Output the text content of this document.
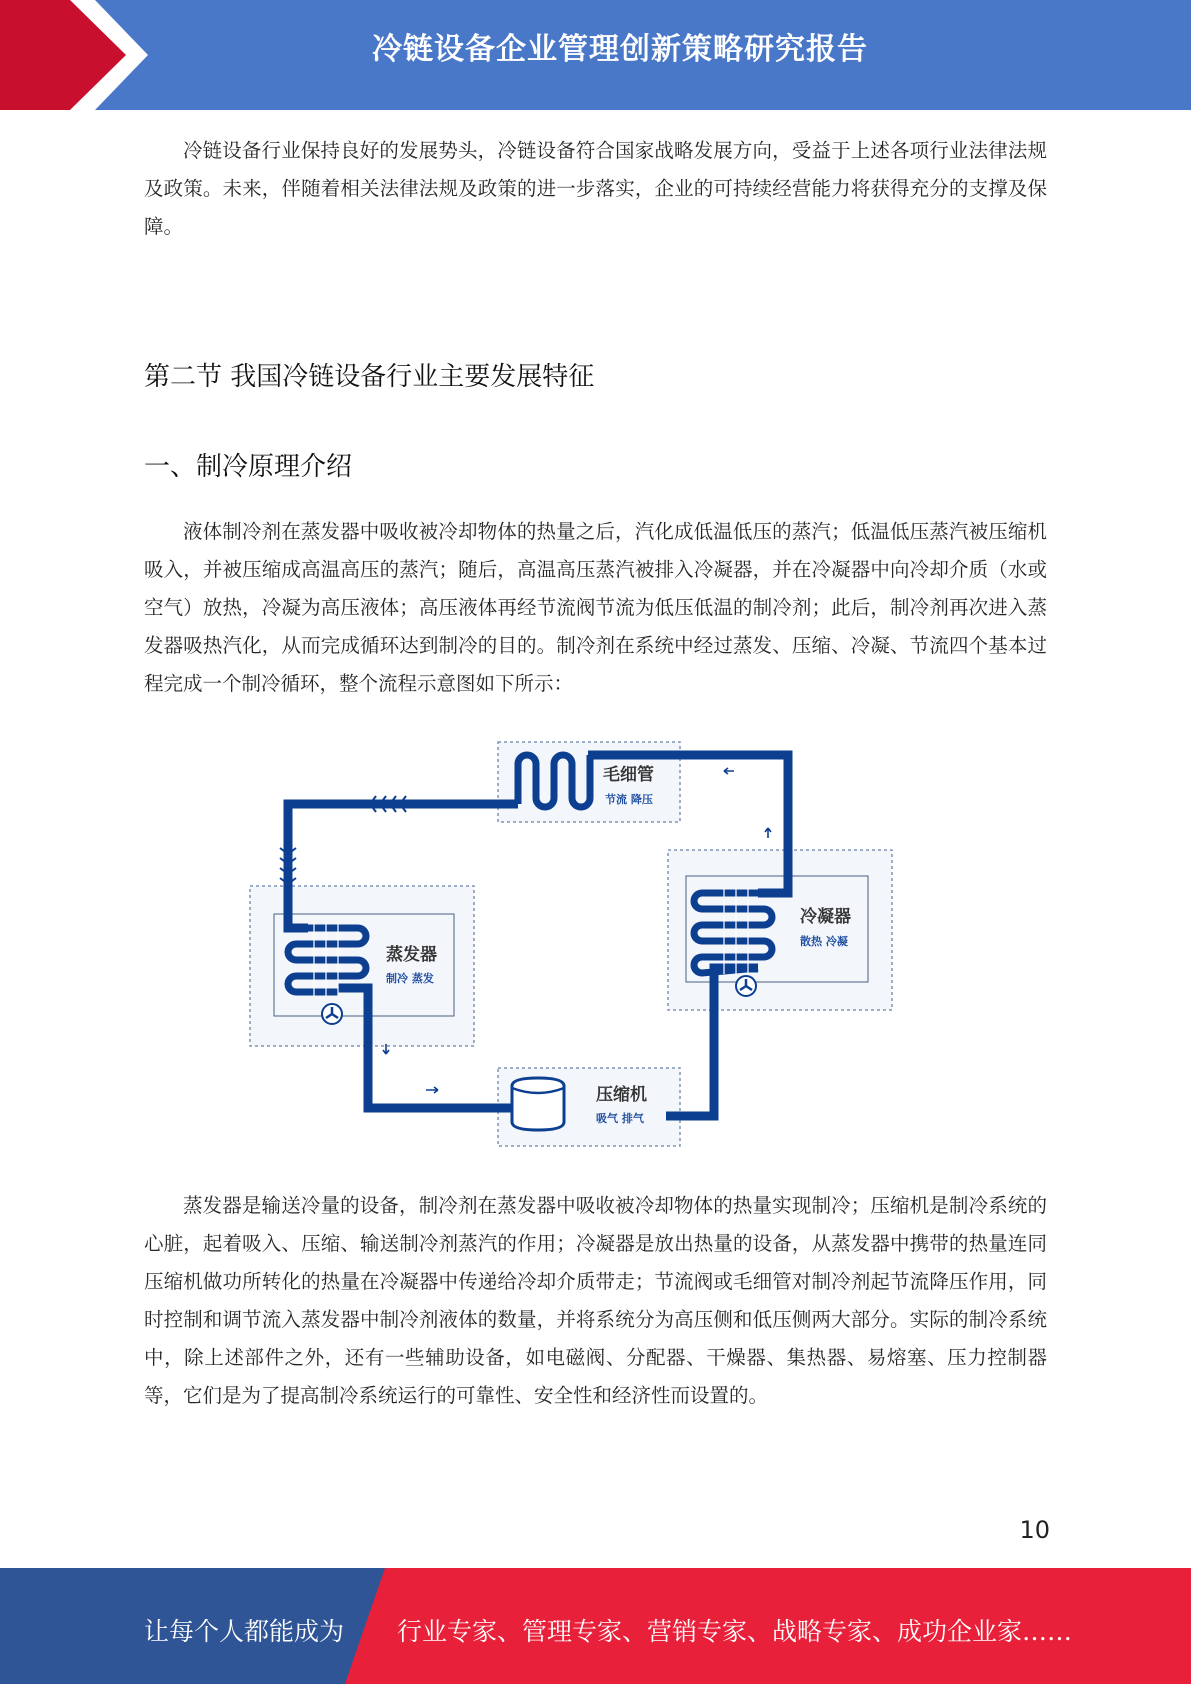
冷链设备企业管理创新策略研究报告

冷链设备行业保持良好的发展势头，冷链设备符合国家战略发展方向，受益于上述各项行业法律法规及政策。未来，伴随着相关法律法规及政策的进一步落实，企业的可持续经营能力将获得充分的支撑及保障。

第二节 我国冷链设备行业主要发展特征
一、制冷原理介绍

液体制冷剂在蒸发器中吸收被冷却物体的热量之后，汽化成低温低压的蒸汽；低温低压蒸汽被压缩机吸入，并被压缩成高温高压的蒸汽；随后，高温高压蒸汽被排入冷凝器，并在冷凝器中向冷却介质（水或空气）放热，冷凝为高压液体；高压液体再经节流阀节流为低压低温的制冷剂；此后，制冷剂再次进入蒸发器吸热汽化，从而完成循环达到制冷的目的。制冷剂在系统中经过蒸发、压缩、冷凝、节流四个基本过程完成一个制冷循环，整个流程示意图如下所示：

毛细管
节流 降压
冷凝器
散热 冷凝
蒸发器
制冷 蒸发
压缩机
吸气 排气

蒸发器是输送冷量的设备，制冷剂在蒸发器中吸收被冷却物体的热量实现制冷；压缩机是制冷系统的心脏，起着吸入、压缩、输送制冷剂蒸汽的作用；冷凝器是放出热量的设备，从蒸发器中携带的热量连同压缩机做功所转化的热量在冷凝器中传递给冷却介质带走；节流阀或毛细管对制冷剂起节流降压作用，同时控制和调节流入蒸发器中制冷剂液体的数量，并将系统分为高压侧和低压侧两大部分。实际的制冷系统中，除上述部件之外，还有一些辅助设备，如电磁阀、分配器、干燥器、集热器、易熔塞、压力控制器等，它们是为了提高制冷系统运行的可靠性、安全性和经济性而设置的。

10
让每个人都能成为 行业专家、管理专家、营销专家、战略专家、成功企业家……
